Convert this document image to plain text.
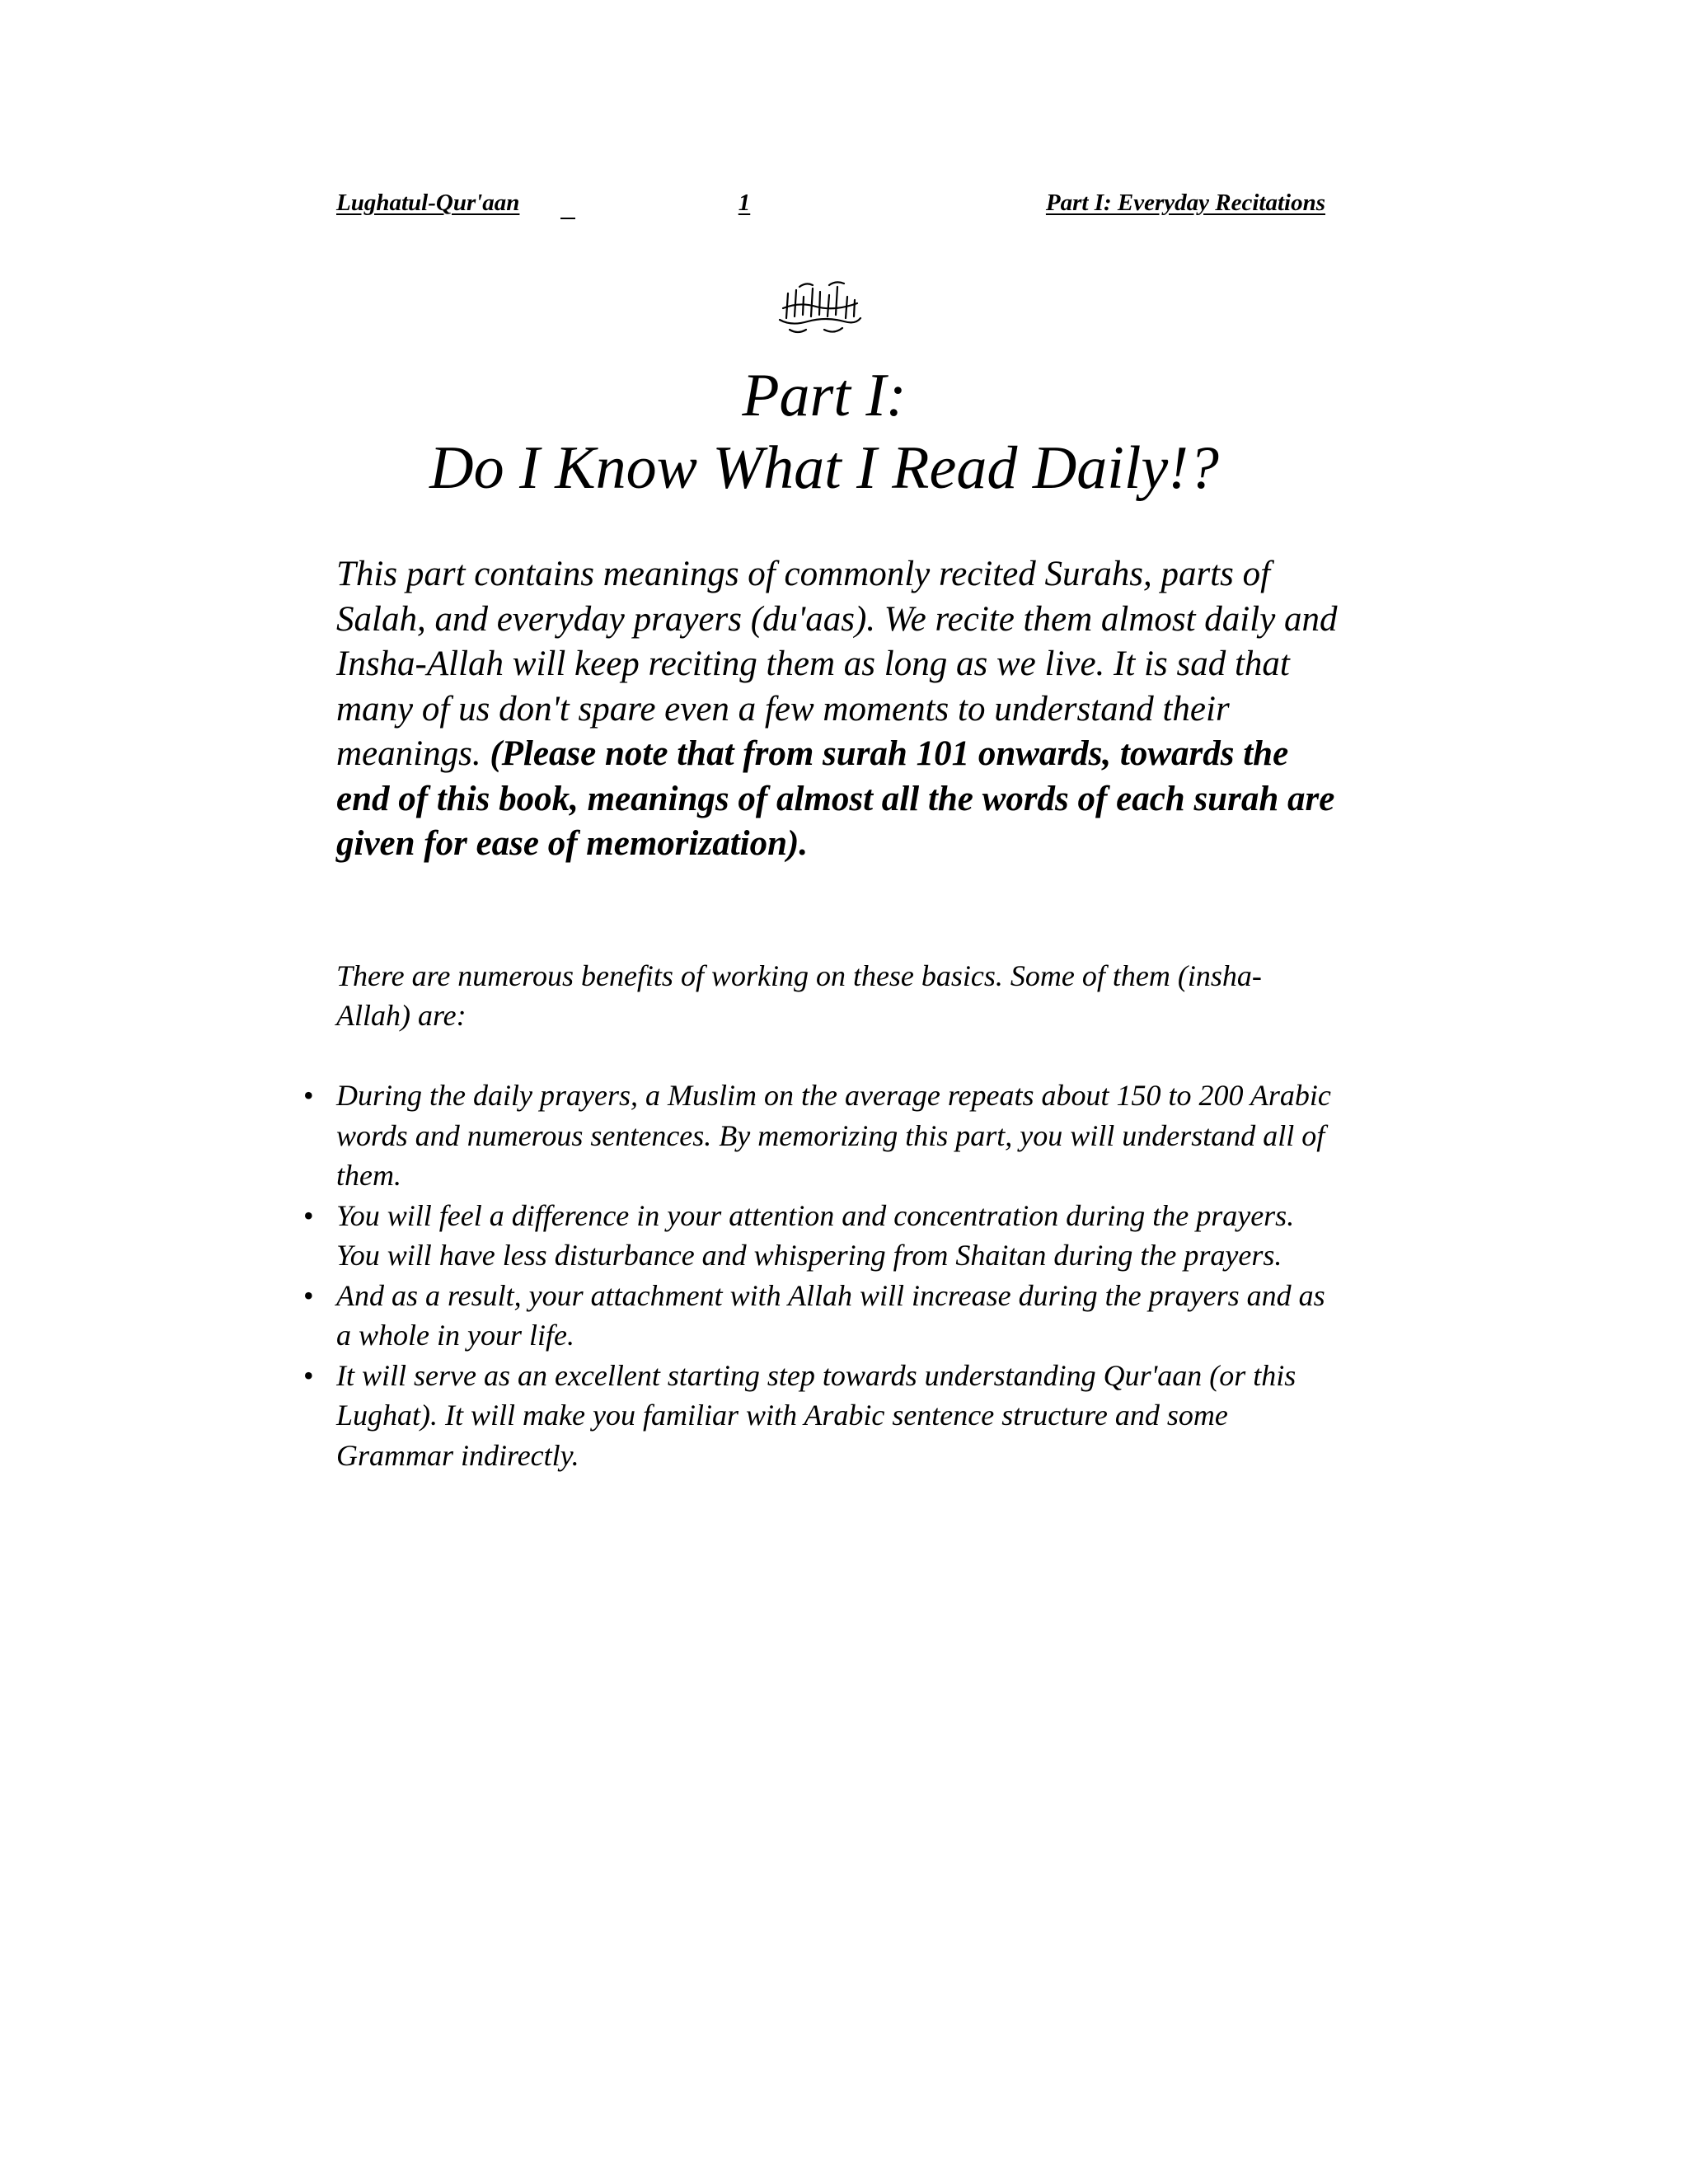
Lughatul-Qur'aan	1	Part I: Everyday Recitations
Part I:
Do I Know What I Read Daily!?

This part contains meanings of commonly recited Surahs, parts of Salah, and everyday prayers (du'aas). We recite them almost daily and Insha-Allah will keep reciting them as long as we live. It is sad that many of us don't spare even a few moments to understand their meanings. (Please note that from surah 101 onwards, towards the end of this book, meanings of almost all the words of each surah are given for ease of memorization).

There are numerous benefits of working on these basics. Some of them (insha-Allah) are:

• During the daily prayers, a Muslim on the average repeats about 150 to 200 Arabic words and numerous sentences. By memorizing this part, you will understand all of them.
• You will feel a difference in your attention and concentration during the prayers. You will have less disturbance and whispering from Shaitan during the prayers.
• And as a result, your attachment with Allah will increase during the prayers and as a whole in your life.
• It will serve as an excellent starting step towards understanding Qur'aan (or this Lughat). It will make you familiar with Arabic sentence structure and some Grammar indirectly.
